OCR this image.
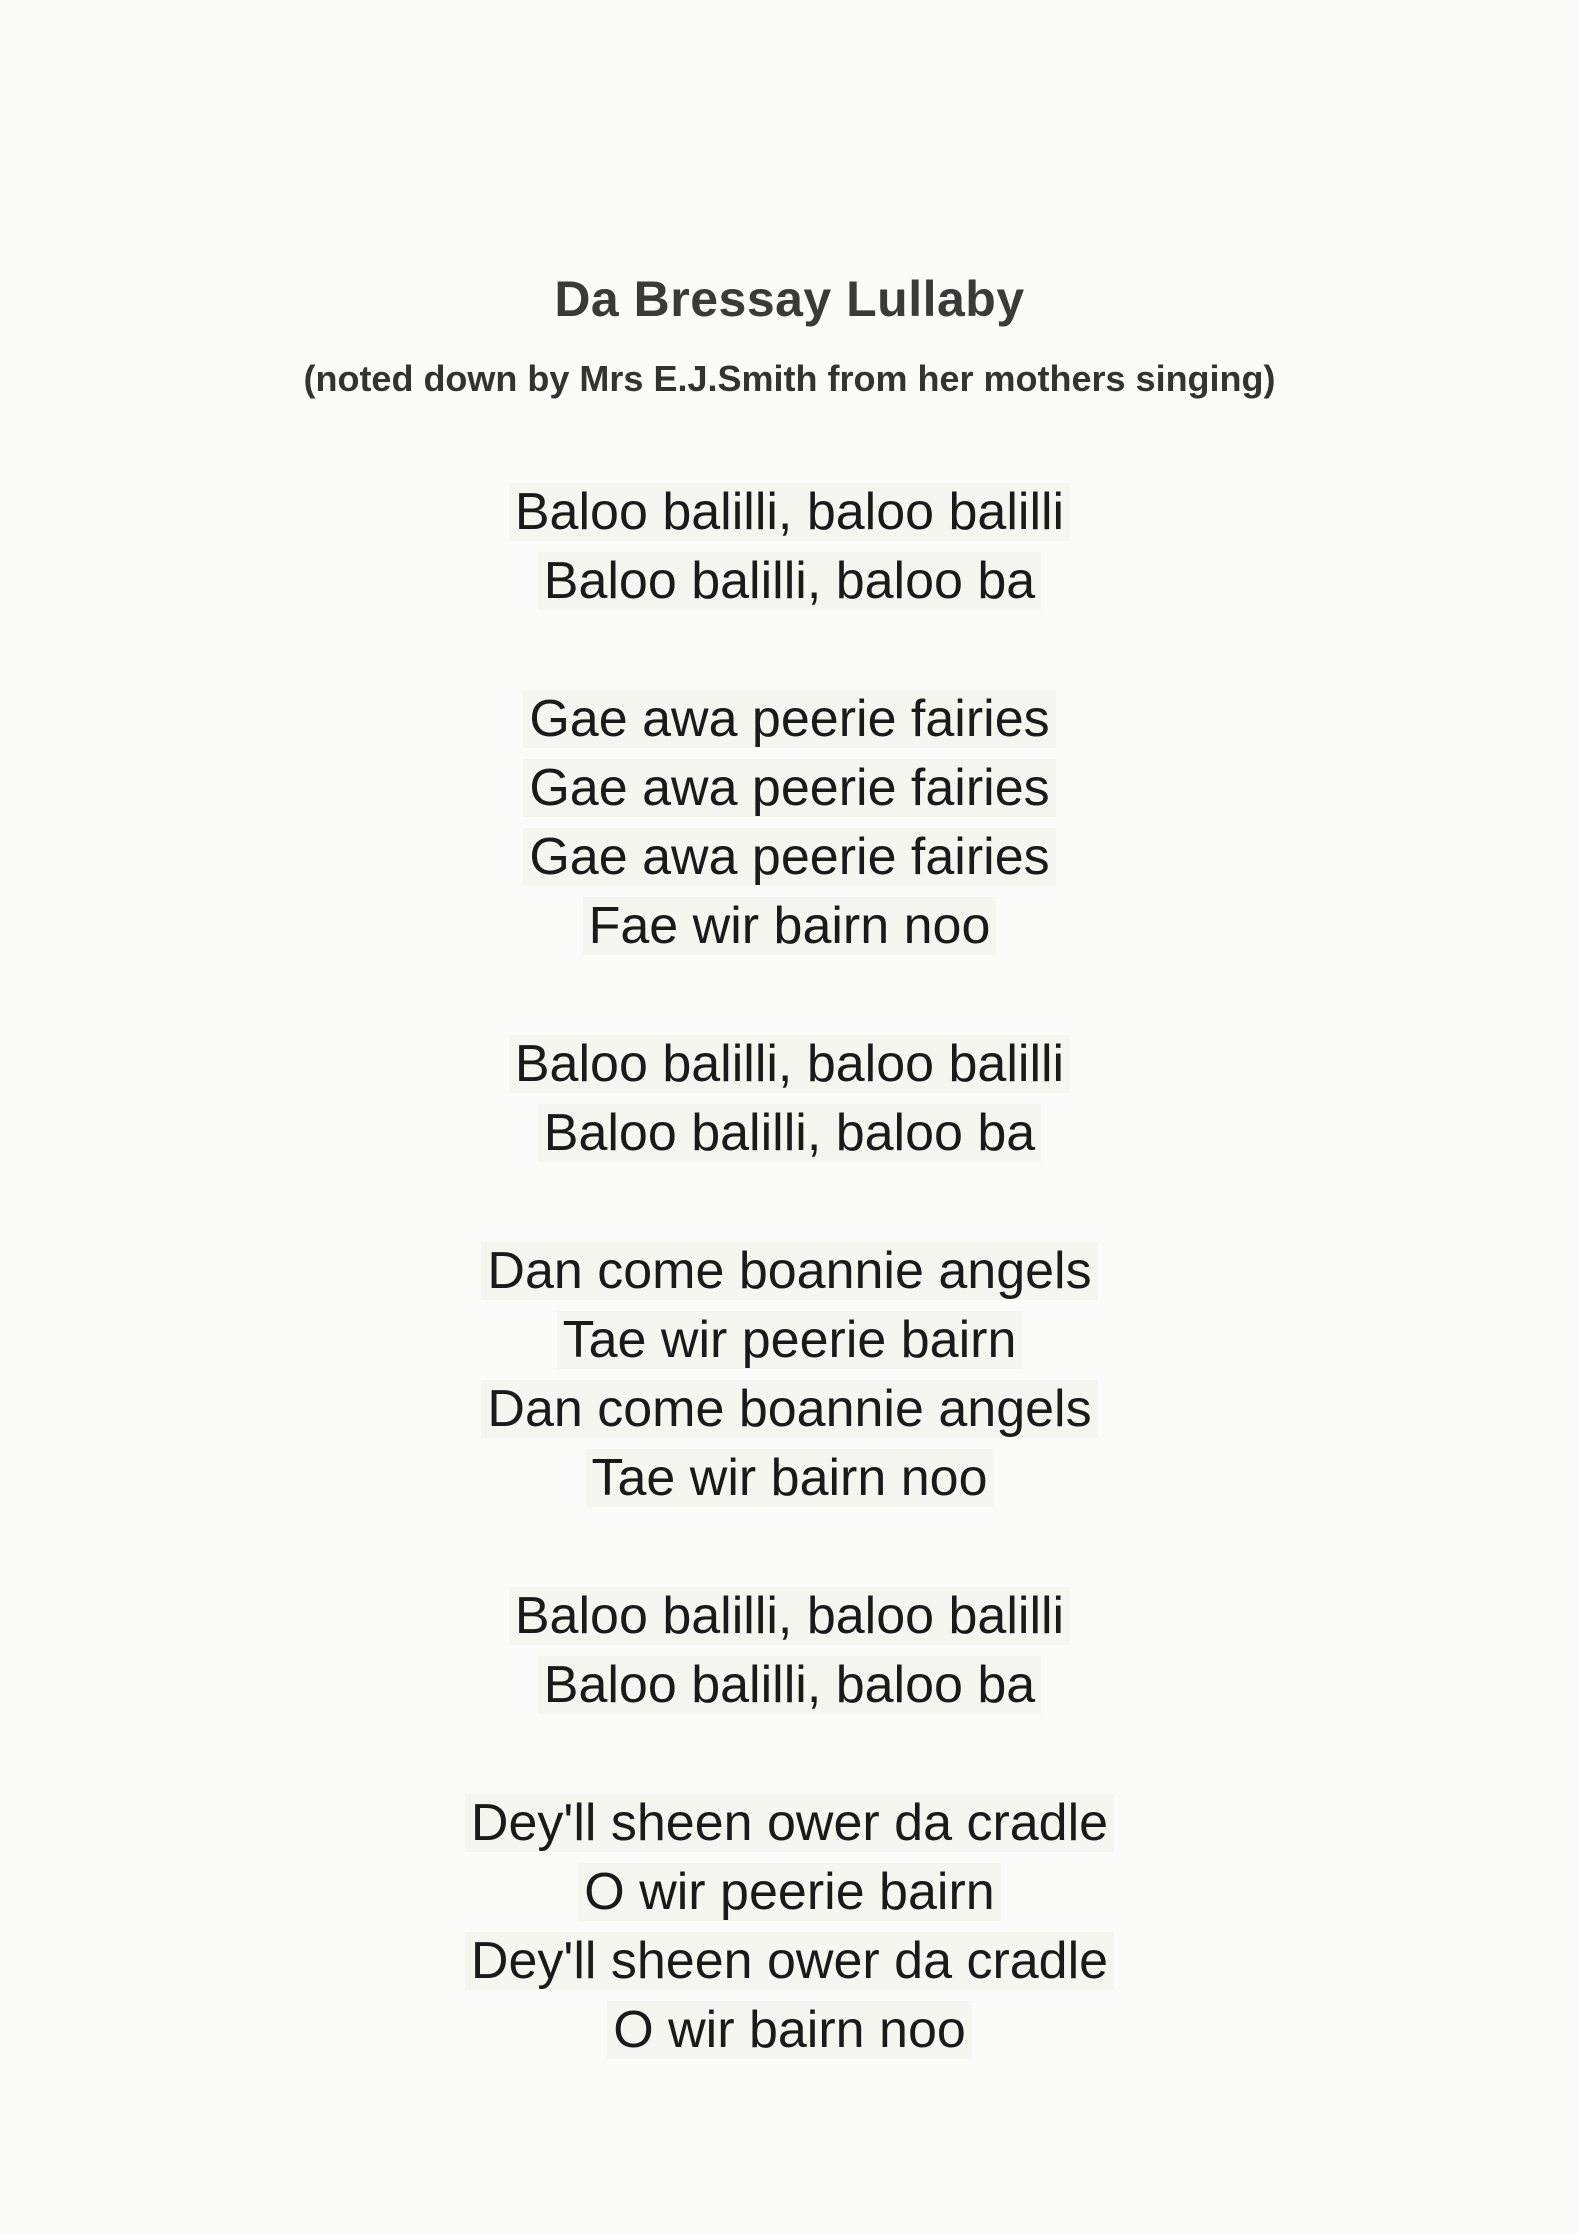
Da Bressay Lullaby
(noted down by Mrs E.J.Smith from her mothers singing)
Baloo balilli, baloo balilli
Baloo balilli, baloo ba
Gae awa peerie fairies
Gae awa peerie fairies
Gae awa peerie fairies
Fae wir bairn noo
Baloo balilli, baloo balilli
Baloo balilli, baloo ba
Dan come boannie angels
Tae wir peerie bairn
Dan come boannie angels
Tae wir bairn noo
Baloo balilli, baloo balilli
Baloo balilli, baloo ba
Dey'll sheen ower da cradle
O wir peerie bairn
Dey'll sheen ower da cradle
O wir bairn noo
